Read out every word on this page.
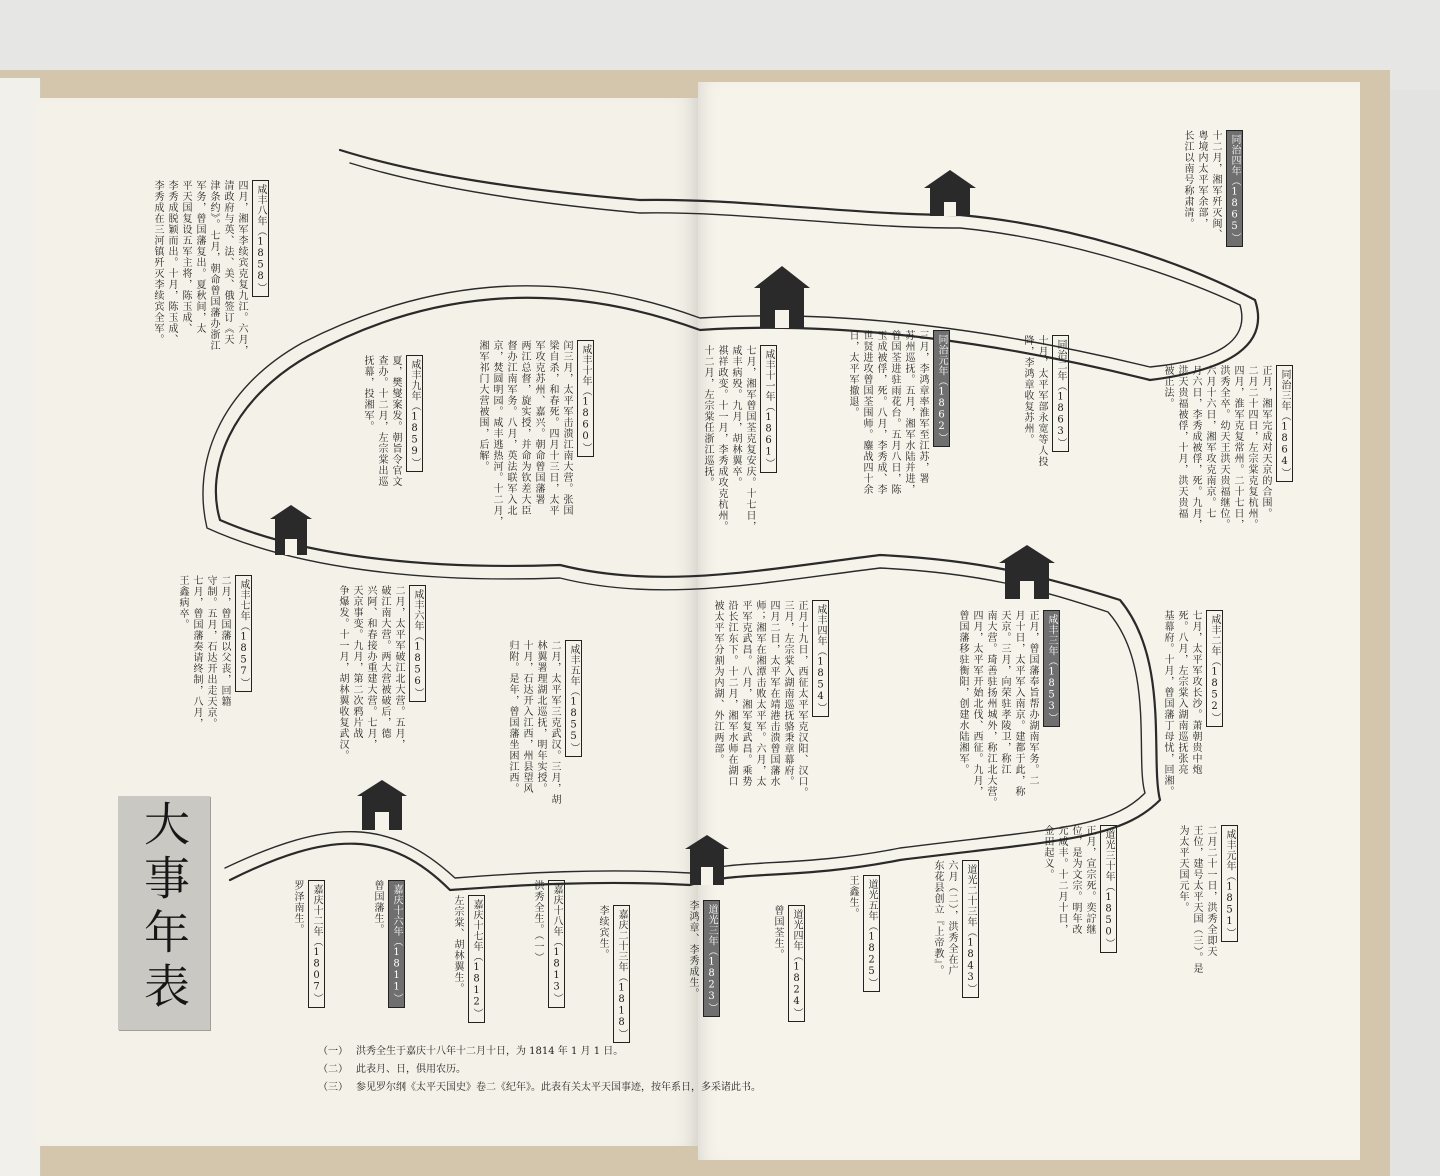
大事年表
同治四年（1865）
十二月，湘军歼灭闽、
粤境内太平军余部，
长江以南号称肃清。
同治三年（1864）
正月，湘军完成对天京的合围。
二月二十四日，左宗棠克复杭州。
四月，淮军克复常州。二十七日，
洪秀全卒。幼天王洪天贵福继位。
六月十六日，湘军攻克南京。七
月六日，李秀成被俘，死。九月，
洪天贵福被俘，十月，洪天贵福
被正法。
同治二年（1863）
十月，太平军部永宽等人投
降，李鸿章收复苏州。
同治元年（1862）
三月，李鸿章率淮军至江苏，署
苏州巡抚。五月，湘军水陆并进，
曾国荃进驻雨花台。五月八日，陈
玉成被俘，死。八月，李秀成、李
世贤进攻曾国荃围师。鏖战四十余
日，太平军撤退。
咸丰十一年（1861）
七月，湘军曾国荃克复安庆。十七日，
咸丰病殁。九月，胡林翼卒。
祺祥政变。十一月，李秀成攻克杭州。
十二月，左宗棠任浙江巡抚。
咸丰十年（1860）
闰三月，太平军击溃江南大营。张国
梁自杀，和春死。四月十三日，太平
军攻克苏州、嘉兴。朝命曾国藩署
两江总督，旋实授，并命为钦差大臣
督办江南军务。八月，英法联军入北
京，焚圆明园。咸丰逃热河。十二月，
湘军祁门大营被围，后解。
咸丰九年（1859）
夏，樊燮案发。朝旨令官文
查办。十二月，左宗棠出巡
抚幕，投湘军。
咸丰八年（1858）
四月，湘军李续宾克复九江。六月，
清政府与英、法、美、俄签订《天
津条约》。七月，朝命曾国藩办浙江
军务，曾国藩复出。夏秋间，太
平天国复设五军主将，陈玉成、
李秀成脱颖而出。十月，陈玉成、
李秀成在三河镇歼灭李续宾全军。
咸丰七年（1857）
二月，曾国藩以父丧，回籍
守制。五月，石达开出走天京。
七月，曾国藩奏请终制，八月，
王鑫病卒。	咸丰六年（1856）
二月，太平军破江北大营。五月，
破江南大营。两大营被破后，德
兴阿、和春接办重建大营。七月，
天京事变。九月，第二次鸦片战
争爆发。十一月，胡林翼收复武汉。	咸丰五年（1855）
二月，太平军三克武汉。三月，胡
林翼署理湖北巡抚，明年实授。
十月，石达开入江西，州县望风
归附。是年，曾国藩坐困江西。	咸丰四年（1854）
正月十九日，西征太平军克汉阳、汉口。
三月，左宗棠入湖南巡抚骆秉章幕府。
四月二日，太平军在靖港击溃曾国藩水
师；湘军在湘潭击败太平军。六月，太
平军克武昌。八月，湘军复武昌。乘势
沿长江东下。十二月，湘军水师在湖口
被太平军分割为内湖、外江两部。	咸丰三年（1853）
正月，曾国藩奉旨帮办湖南军务。二
月十日，太平军入南京。建都于此，称
天京。三月，向荣驻孝陵卫，称江
南大营。琦善驻扬州城外，称江北大营。
四月，太平军开始北伐、西征。九月，
曾国藩移驻衡阳，创建水陆湘军。	咸丰二年（1852）
七月，太平军攻长沙。萧朝贵中炮
死。八月，左宗棠入湖南巡抚张亮
基幕府。十月，曾国藩丁母忧，回湘。
咸丰元年（1851）
二月二十一日，洪秀全即天
王位，建号太平天国（三）。是
为太平天国元年。
道光三十年（1850）
正月，宣宗死。奕詝继
位，是为文宗。明年改
元咸丰。十二月十日，
金田起义。
道光二十三年（1843）
六月（二），洪秀全在广
东花县创立『上帝教』。
道光五年（1825）
王鑫生。
道光四年（1824）
曾国荃生。
道光三年（1823）
李鸿章、李秀成生。
嘉庆二十三年（1818）
李续宾生。
嘉庆十八年（1813）
洪秀全生。（一）
嘉庆十七年（1812）
左宗棠、胡林翼生。
嘉庆十六年（1811）
曾国藩生。
嘉庆十二年（1807）
罗泽南生。
（一） 洪秀全生于嘉庆十八年十二月十日，为 1814 年 1 月 1 日。
（二） 此表月、日，俱用农历。
（三） 参见罗尔纲《太平天国史》卷二《纪年》。此表有关太平天国事迹，按年系日，多采诸此书。
